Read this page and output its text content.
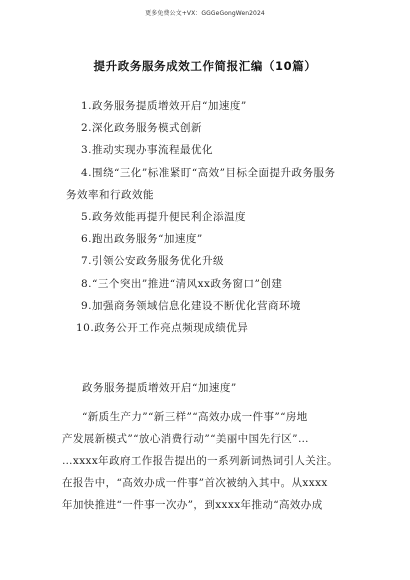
更多免费公文+VX：GGGeGongWen2024
提升政务服务成效工作简报汇编（10篇）
1.政务服务提质增效开启“加速度”
2.深化政务服务模式创新
3.推动实现办事流程最优化
4.围绕“三化”标准紧盯“高效”目标全面提升政务服务
务效率和行政效能
5.政务效能再提升便民利企添温度
6.跑出政务服务“加速度”
7.引领公安政务服务优化升级
8.“三个突出”推进“清风xx政务窗口”创建
9.加强商务领域信息化建设不断优化营商环境
10.政务公开工作亮点频现成绩优异
政务服务提质增效开启“加速度”
“新质生产力”“新三样”“高效办成一件事”“房地
产发展新模式”“放心消费行动”“美丽中国先行区”…
…xxxx年政府工作报告提出的一系列新词热词引人关注。
在报告中，“高效办成一件事”首次被纳入其中。从xxxx
年加快推进“一件事一次办”，到xxxx年推动“高效办成
